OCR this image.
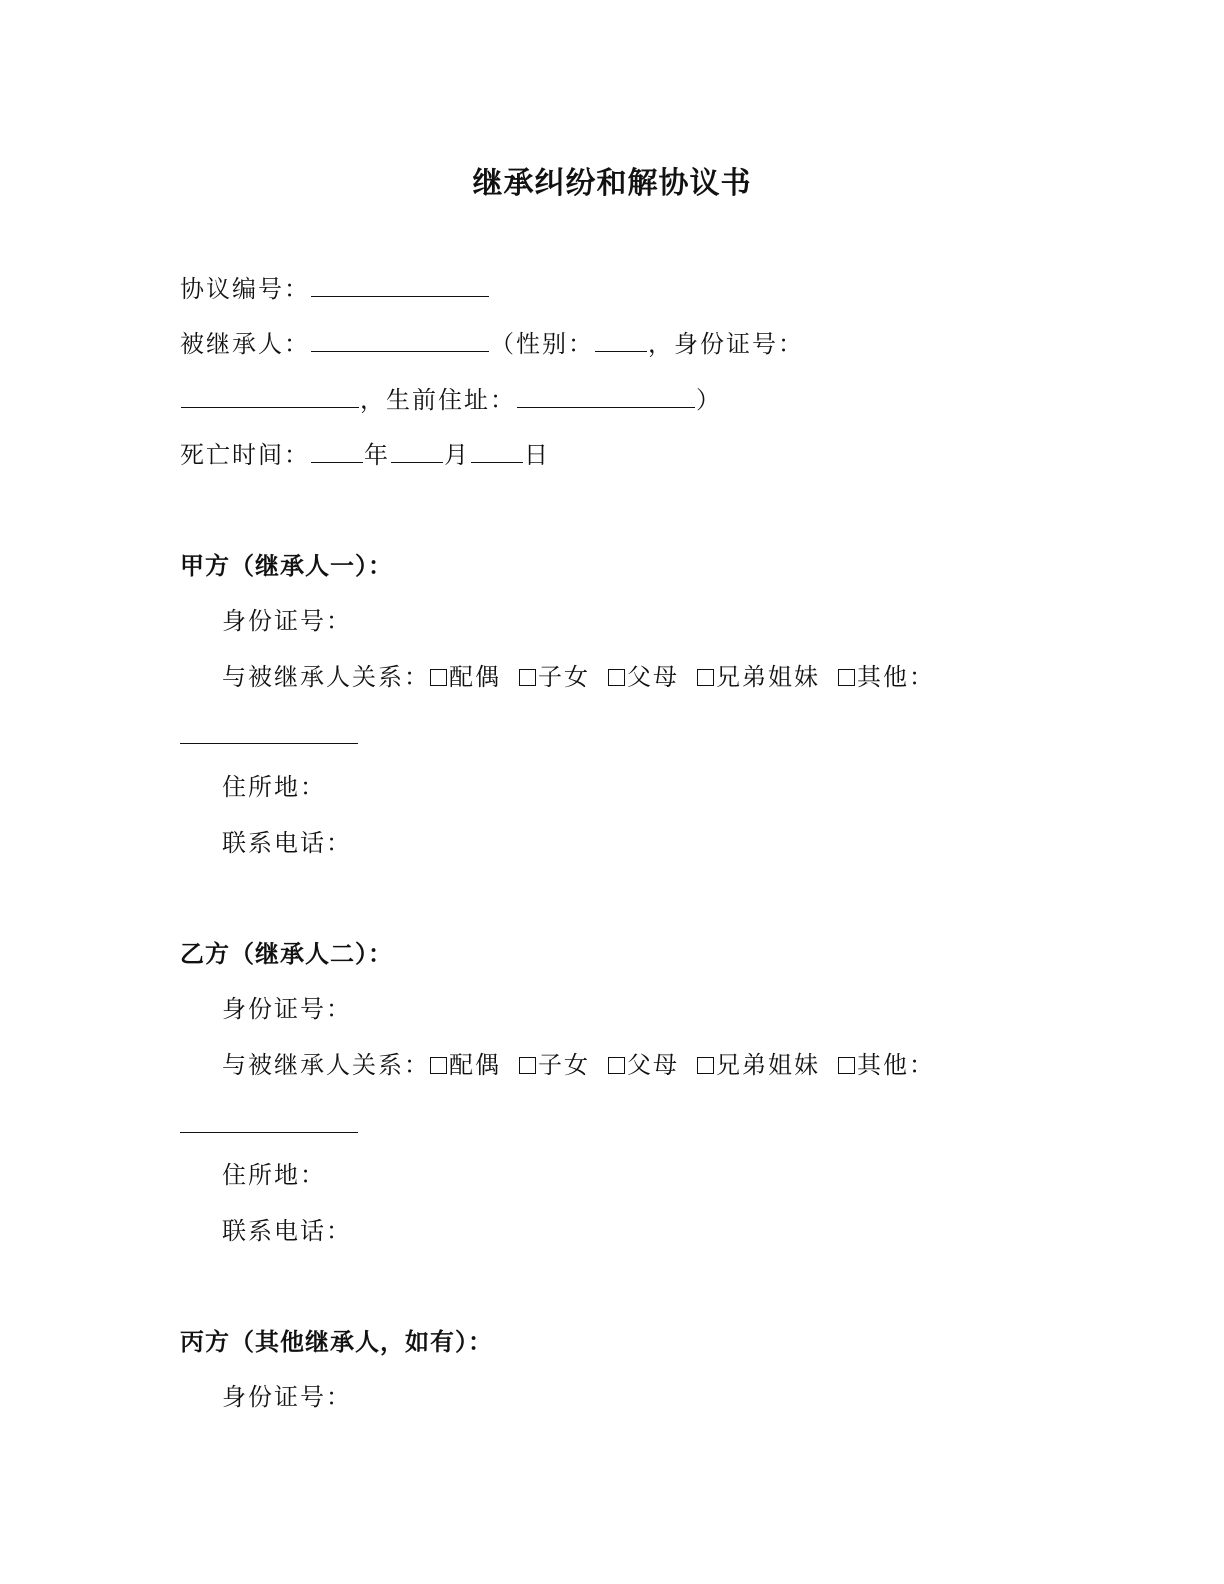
继承纠纷和解协议书
协议编号：
被继承人：	（性别： ，身份证号：
，生前住址：	）
死亡时间： 年 月 日
甲方（继承人一）：
身份证号：
与被继承人关系： 配偶 子女 父母 兄弟姐妹 其他：
住所地：
联系电话：
乙方（继承人二）：
身份证号：
与被继承人关系： 配偶 子女 父母 兄弟姐妹 其他：
住所地：
联系电话：
丙方（其他继承人，如有）：
身份证号：
